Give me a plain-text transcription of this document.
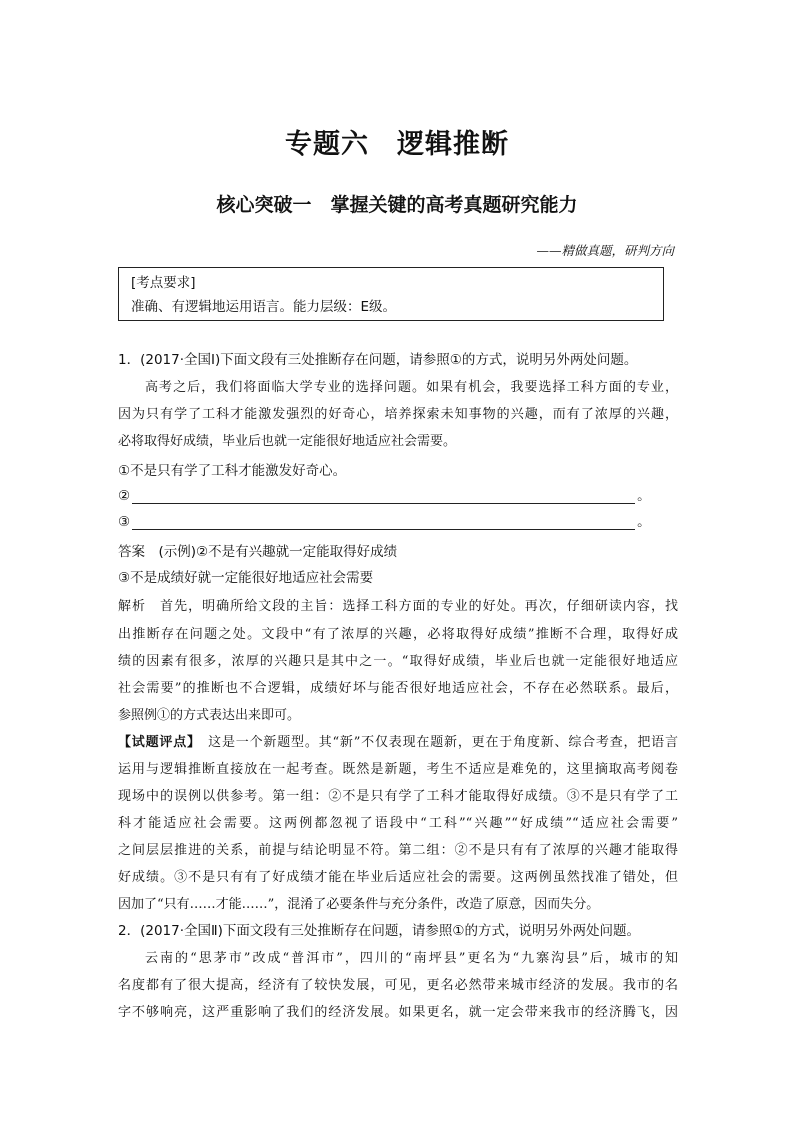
专题六　逻辑推断
核心突破一　掌握关键的高考真题研究能力
——精做真题，研判方向
[考点要求]
准确、有逻辑地运用语言。能力层级：E级。
1．(2017·全国Ⅰ)下面文段有三处推断存在问题，请参照①的方式，说明另外两处问题。
高考之后，我们将面临大学专业的选择问题。如果有机会，我要选择工科方面的专业，
因为只有学了工科才能激发强烈的好奇心，培养探索未知事物的兴趣，而有了浓厚的兴趣，
必将取得好成绩，毕业后也就一定能很好地适应社会需要。
①不是只有学了工科才能激发好奇心。
②	。
③	。
答案　(示例)②不是有兴趣就一定能取得好成绩
③不是成绩好就一定能很好地适应社会需要
解析　首先，明确所给文段的主旨：选择工科方面的专业的好处。再次，仔细研读内容，找
出推断存在问题之处。文段中“有了浓厚的兴趣，必将取得好成绩”推断不合理，取得好成
绩的因素有很多，浓厚的兴趣只是其中之一。“取得好成绩，毕业后也就一定能很好地适应
社会需要”的推断也不合逻辑，成绩好坏与能否很好地适应社会，不存在必然联系。最后，
参照例①的方式表达出来即可。
【试题评点】　这是一个新题型。其“新”不仅表现在题新，更在于角度新、综合考查，把语言
运用与逻辑推断直接放在一起考查。既然是新题，考生不适应是难免的，这里摘取高考阅卷
现场中的误例以供参考。第一组：②不是只有学了工科才能取得好成绩。③不是只有学了工
科才能适应社会需要。这两例都忽视了语段中“工科”“兴趣”“好成绩”“适应社会需要”
之间层层推进的关系，前提与结论明显不符。第二组：②不是只有有了浓厚的兴趣才能取得
好成绩。③不是只有有了好成绩才能在毕业后适应社会的需要。这两例虽然找准了错处，但
因加了“只有……才能……”，混淆了必要条件与充分条件，改造了原意，因而失分。
2．(2017·全国Ⅱ)下面文段有三处推断存在问题，请参照①的方式，说明另外两处问题。
云南的“思茅市”改成“普洱市”，四川的“南坪县”更名为“九寨沟县”后，城市的知
名度都有了很大提高，经济有了较快发展，可见，更名必然带来城市经济的发展。我市的名
字不够响亮，这严重影响了我们的经济发展。如果更名，就一定会带来我市的经济腾飞，因
